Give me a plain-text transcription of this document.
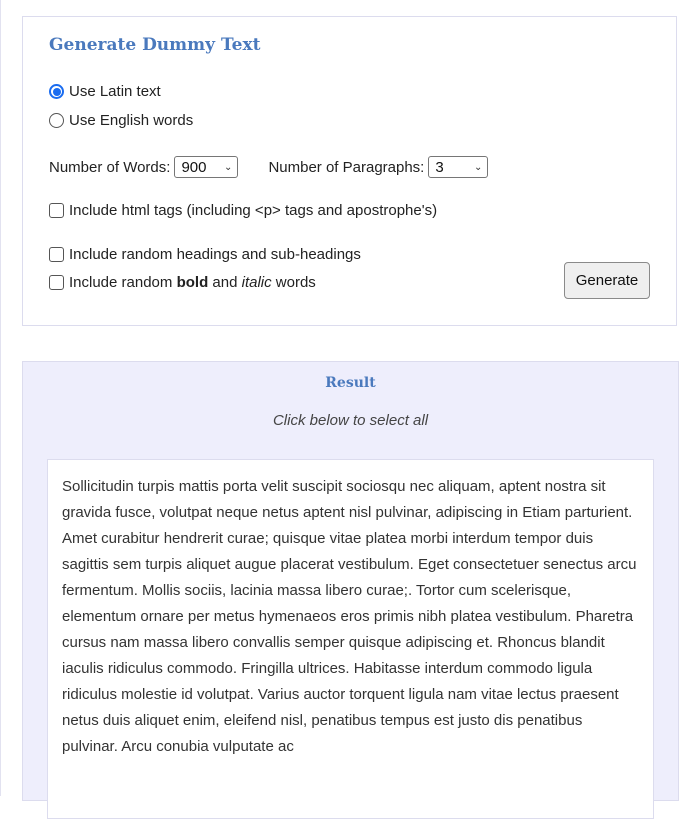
Generate Dummy Text
Use Latin text
Use English words
Number of Words: 900 ⌄ Number of Paragraphs: 3	⌄
Include html tags (including <p> tags and apostrophe's)
Include random headings and sub-headings
Include random bold and italic words	Generate
Result
Click below to select all
Sollicitudin turpis mattis porta velit suscipit sociosqu nec aliquam, aptent nostra sit gravida fusce, volutpat neque netus aptent nisl pulvinar, adipiscing in Etiam parturient. Amet curabitur hendrerit curae; quisque vitae platea morbi interdum tempor duis sagittis sem turpis aliquet augue placerat vestibulum. Eget consectetuer senectus arcu fermentum. Mollis sociis, lacinia massa libero curae;. Tortor cum scelerisque, elementum ornare per metus hymenaeos eros primis nibh platea vestibulum. Pharetra cursus nam massa libero convallis semper quisque adipiscing et. Rhoncus blandit iaculis ridiculus commodo. Fringilla ultrices. Habitasse interdum commodo ligula ridiculus molestie id volutpat. Varius auctor torquent ligula nam vitae lectus praesent netus duis aliquet enim, eleifend nisl, penatibus tempus est justo dis penatibus pulvinar. Arcu conubia vulputate ac
